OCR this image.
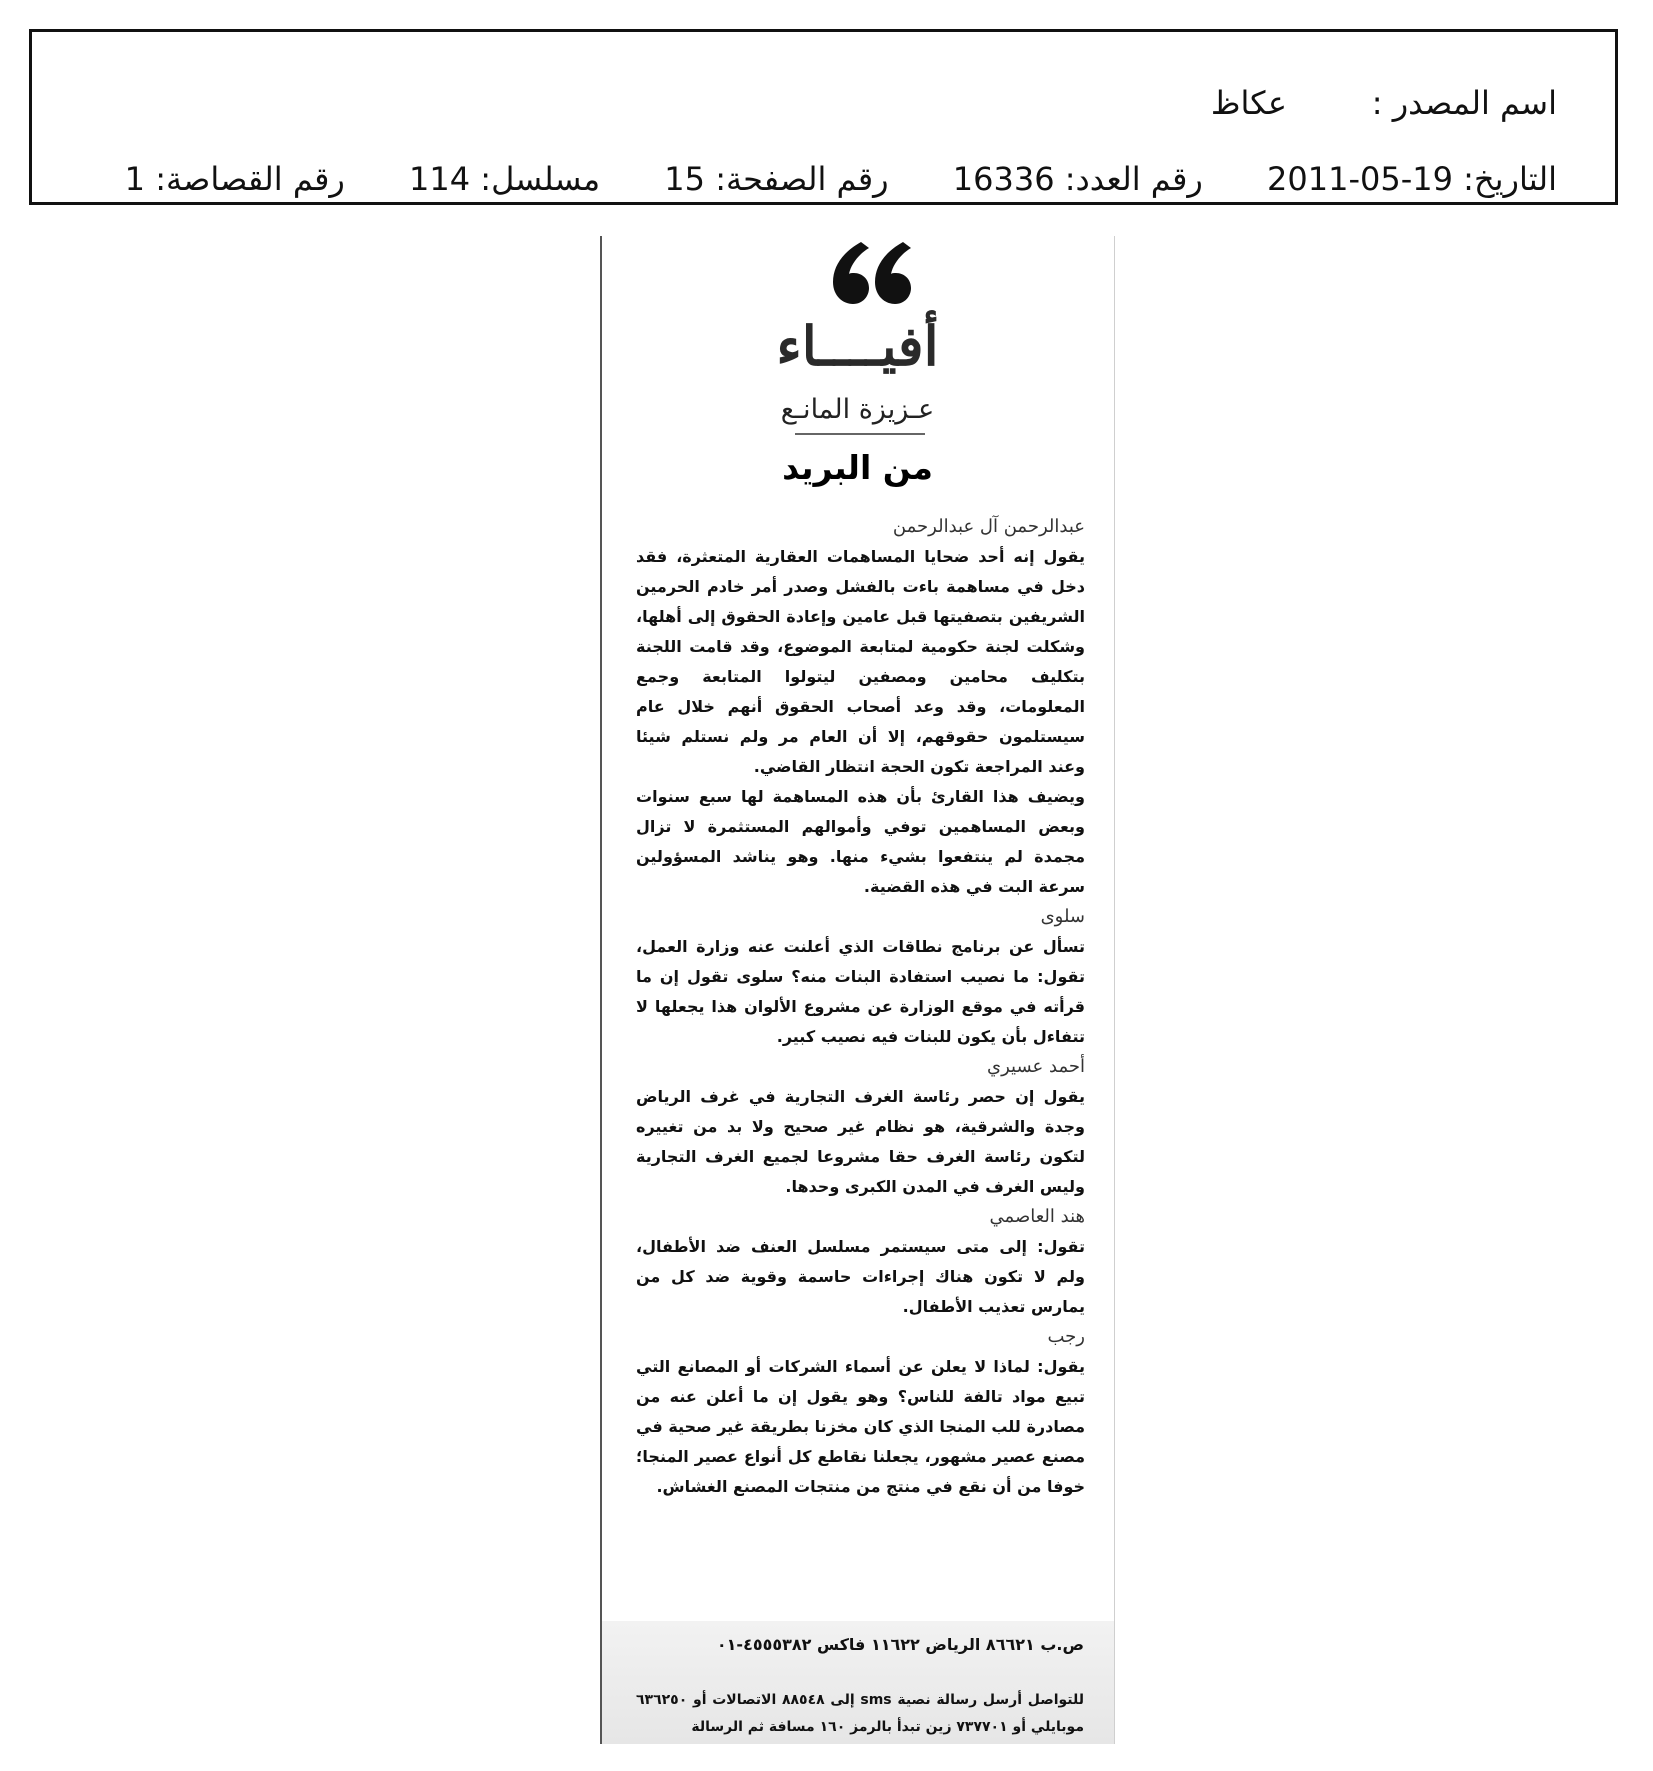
اسم المصدر :عكاظ
التاريخ: 19-05-2011 رقم العدد: 16336 رقم الصفحة: 15 مسلسل: 114 رقم القصاصة: 1
أفيــــاء
عـزيزة المانـع
من البريد
عبدالرحمن آل عبدالرحمن

يقول إنه أحد ضحايا المساهمات العقارية المتعثرة، فقد دخل في مساهمة باءت بالفشل وصدر أمر خادم الحرمين الشريفين بتصفيتها قبل عامين وإعادة الحقوق إلى أهلها، وشكلت لجنة حكومية لمتابعة الموضوع، وقد قامت اللجنة بتكليف محامين ومصفين ليتولوا المتابعة وجمع المعلومات، وقد وعد أصحاب الحقوق أنهم خلال عام سيستلمون حقوقهم، إلا أن العام مر ولم نستلم شيئا وعند المراجعة تكون الحجة انتظار القاضي.

ويضيف هذا القارئ بأن هذه المساهمة لها سبع سنوات وبعض المساهمين توفي وأموالهم المستثمرة لا تزال مجمدة لم ينتفعوا بشيء منها. وهو يناشد المسؤولين سرعة البت في هذه القضية.

سلوى

تسأل عن برنامج نطاقات الذي أعلنت عنه وزارة العمل، تقول: ما نصيب استفادة البنات منه؟ سلوى تقول إن ما قرأته في موقع الوزارة عن مشروع الألوان هذا يجعلها لا تتفاءل بأن يكون للبنات فيه نصيب كبير.

أحمد عسيري

يقول إن حصر رئاسة الغرف التجارية في غرف الرياض وجدة والشرقية، هو نظام غير صحيح ولا بد من تغييره لتكون رئاسة الغرف حقا مشروعا لجميع الغرف التجارية وليس الغرف في المدن الكبرى وحدها.

هند العاصمي

تقول: إلى متى سيستمر مسلسل العنف ضد الأطفال، ولم لا تكون هناك إجراءات حاسمة وقوية ضد كل من يمارس تعذيب الأطفال.

رجب

يقول: لماذا لا يعلن عن أسماء الشركات أو المصانع التي تبيع مواد تالفة للناس؟ وهو يقول إن ما أعلن عنه من مصادرة للب المنجا الذي كان مخزنا بطريقة غير صحية في مصنع عصير مشهور، يجعلنا نقاطع كل أنواع عصير المنجا؛ خوفا من أن نقع في منتج من منتجات المصنع الغشاش.

ص.ب ٨٦٦٢١ الرياض ١١٦٢٢ فاكس ٤٥٥٥٣٨٢-٠١
للتواصل أرسل رسالة نصية sms إلى ٨٨٥٤٨ الاتصالات أو ٦٣٦٢٥٠ موبايلي أو ٧٣٧٧٠١ زين تبدأ بالرمز ١٦٠ مسافة ثم الرسالة
